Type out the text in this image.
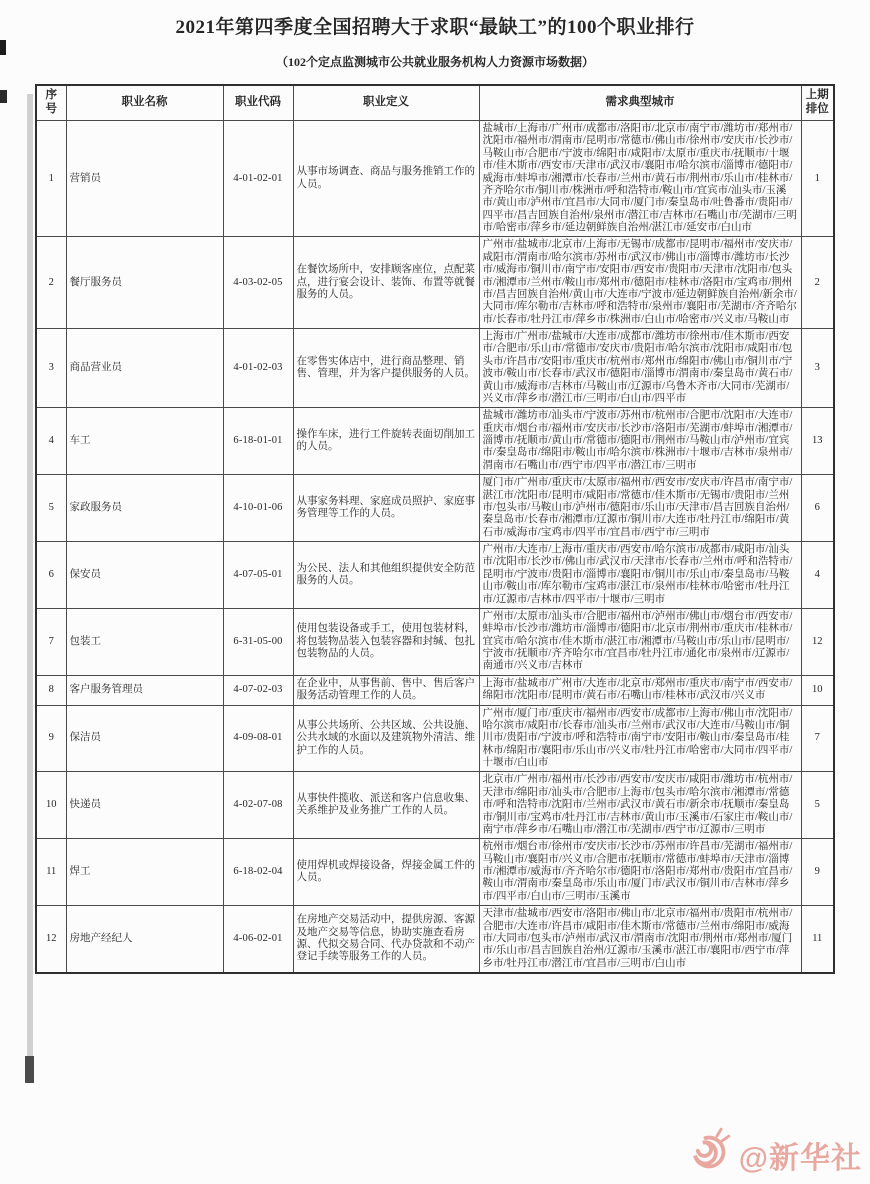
2021年第四季度全国招聘大于求职“最缺工”的100个职业排行
（102个定点监测城市公共就业服务机构人力资源市场数据）
序号	职业名称	职业代码	职业定义	需求典型城市	上期排位
1	营销员	4-01-02-01	从事市场调查、商品与服务推销工作的人员。	盐城市/上海市/广州市/成都市/洛阳市/北京市/南宁市/潍坊市/郑州市/沈阳市/福州市/渭南市/昆明市/常德市/佛山市/徐州市/安庆市/长沙市/马鞍山市/合肥市/宁波市/绵阳市/咸阳市/太原市/重庆市/抚顺市/十堰市/佳木斯市/西安市/天津市/武汉市/襄阳市/哈尔滨市/淄博市/德阳市/威海市/蚌埠市/湘潭市/长春市/兰州市/黄石市/荆州市/乐山市/桂林市/齐齐哈尔市/铜川市/株洲市/呼和浩特市/鞍山市/宜宾市/汕头市/玉溪市/黄山市/泸州市/宜昌市/大同市/厦门市/秦皇岛市/吐鲁番市/贵阳市/四平市/昌吉回族自治州/泉州市/潜江市/吉林市/石嘴山市/芜湖市/三明市/哈密市/萍乡市/延边朝鲜族自治州/湛江市/延安市/白山市	1
2	餐厅服务员	4-03-02-05	在餐饮场所中，安排顾客座位，点配菜点，进行宴会设计、装饰、布置等就餐服务的人员。	广州市/盐城市/北京市/上海市/无锡市/成都市/昆明市/福州市/安庆市/咸阳市/渭南市/哈尔滨市/苏州市/武汉市/佛山市/淄博市/潍坊市/长沙市/威海市/铜川市/南宁市/安阳市/西安市/贵阳市/天津市/沈阳市/包头市/湘潭市/兰州市/鞍山市/郑州市/德阳市/桂林市/洛阳市/宝鸡市/荆州市/昌吉回族自治州/黄山市/大连市/宁波市/延边朝鲜族自治州/新余市/大同市/库尔勒市/吉林市/呼和浩特市/泉州市/襄阳市/芜湖市/齐齐哈尔市/长春市/牡丹江市/萍乡市/株洲市/白山市/哈密市/兴义市/马鞍山市	2
3	商品营业员	4-01-02-03	在零售实体店中，进行商品整理、销售、管理，并为客户提供服务的人员。	上海市/广州市/盐城市/大连市/成都市/潍坊市/徐州市/佳木斯市/西安市/合肥市/乐山市/常德市/安庆市/贵阳市/哈尔滨市/沈阳市/咸阳市/包头市/许昌市/安阳市/重庆市/杭州市/郑州市/绵阳市/佛山市/铜川市/宁波市/鞍山市/长春市/武汉市/德阳市/淄博市/渭南市/秦皇岛市/黄石市/黄山市/威海市/吉林市/马鞍山市/辽源市/乌鲁木齐市/大同市/芜湖市/兴义市/萍乡市/潜江市/三明市/白山市/四平市	3
4	车工	6-18-01-01	操作车床，进行工件旋转表面切削加工的人员。	盐城市/潍坊市/汕头市/宁波市/苏州市/杭州市/合肥市/沈阳市/大连市/重庆市/烟台市/福州市/安庆市/长沙市/洛阳市/芜湖市/蚌埠市/湘潭市/淄博市/抚顺市/黄山市/常德市/德阳市/荆州市/马鞍山市/泸州市/宜宾市/秦皇岛市/绵阳市/鞍山市/哈尔滨市/株洲市/十堰市/吉林市/泉州市/渭南市/石嘴山市/西宁市/四平市/潜江市/三明市	13
5	家政服务员	4-10-01-06	从事家务料理、家庭成员照护、家庭事务管理等工作的人员。	厦门市/广州市/重庆市/太原市/福州市/西安市/安庆市/许昌市/南宁市/湛江市/沈阳市/昆明市/咸阳市/常德市/佳木斯市/无锡市/贵阳市/兰州市/包头市/马鞍山市/泸州市/德阳市/乐山市/天津市/昌吉回族自治州/秦皇岛市/长春市/湘潭市/辽源市/铜川市/大连市/牡丹江市/绵阳市/黄石市/威海市/宝鸡市/四平市/宜昌市/西宁市/三明市	6
6	保安员	4-07-05-01	为公民、法人和其他组织提供安全防范服务的人员。	广州市/大连市/上海市/重庆市/西安市/哈尔滨市/成都市/咸阳市/汕头市/沈阳市/长沙市/佛山市/武汉市/天津市/长春市/兰州市/呼和浩特市/昆明市/宁波市/贵阳市/淄博市/襄阳市/铜川市/乐山市/秦皇岛市/马鞍山市/鞍山市/库尔勒市/宝鸡市/湛江市/泉州市/桂林市/哈密市/牡丹江市/辽源市/吉林市/四平市/十堰市/三明市	4
7	包装工	6-31-05-00	使用包装设备或手工，使用包装材料，将包装物品装入包装容器和封缄、包扎包装物品的人员。	广州市/太原市/汕头市/合肥市/福州市/泸州市/佛山市/烟台市/西安市/蚌埠市/长沙市/潍坊市/淄博市/德阳市/北京市/荆州市/重庆市/桂林市/宜宾市/哈尔滨市/佳木斯市/湛江市/湘潭市/马鞍山市/乐山市/昆明市/宁波市/抚顺市/齐齐哈尔市/宜昌市/牡丹江市/通化市/泉州市/辽源市/南通市/兴义市/吉林市	12
8	客户服务管理员	4-07-02-03	在企业中，从事售前、售中、售后客户服务活动管理工作的人员。	上海市/盐城市/广州市/大连市/北京市/郑州市/重庆市/南宁市/西安市/绵阳市/沈阳市/昆明市/黄石市/石嘴山市/桂林市/武汉市/兴义市	10
9	保洁员	4-09-08-01	从事公共场所、公共区域、公共设施、公共水域的水面以及建筑物外清洁、维护工作的人员。	广州市/厦门市/重庆市/福州市/西安市/成都市/上海市/佛山市/沈阳市/哈尔滨市/咸阳市/长春市/汕头市/兰州市/武汉市/大连市/马鞍山市/铜川市/贵阳市/宁波市/呼和浩特市/南宁市/安阳市/鞍山市/秦皇岛市/桂林市/绵阳市/襄阳市/乐山市/兴义市/牡丹江市/哈密市/大同市/四平市/十堰市/白山市	7
10	快递员	4-02-07-08	从事快件揽收、派送和客户信息收集、关系维护及业务推广工作的人员。	北京市/广州市/福州市/长沙市/西安市/安庆市/咸阳市/潍坊市/杭州市/天津市/绵阳市/汕头市/合肥市/上海市/包头市/哈尔滨市/湘潭市/常德市/呼和浩特市/沈阳市/兰州市/武汉市/黄石市/新余市/抚顺市/秦皇岛市/铜川市/宝鸡市/牡丹江市/吉林市/黄山市/玉溪市/石家庄市/鞍山市/南宁市/萍乡市/石嘴山市/潜江市/芜湖市/西宁市/辽源市/三明市	5
11	焊工	6-18-02-04	使用焊机或焊接设备，焊接金属工件的人员。	杭州市/烟台市/徐州市/安庆市/长沙市/苏州市/许昌市/芜湖市/福州市/马鞍山市/襄阳市/兴义市/合肥市/抚顺市/常德市/蚌埠市/天津市/淄博市/湘潭市/威海市/齐齐哈尔市/德阳市/洛阳市/郑州市/贵阳市/宜昌市/鞍山市/渭南市/秦皇岛市/乐山市/厦门市/武汉市/铜川市/吉林市/萍乡市/四平市/白山市/三明市/玉溪市	9
12	房地产经纪人	4-06-02-01	在房地产交易活动中，提供房源、客源及地产交易等信息，协助实施查看房源、代拟交易合同、代办贷款和不动产登记手续等服务工作的人员。	天津市/盐城市/西安市/洛阳市/佛山市/北京市/福州市/贵阳市/杭州市/合肥市/大连市/许昌市/咸阳市/佳木斯市/常德市/兰州市/绵阳市/威海市/大同市/包头市/泸州市/武汉市/渭南市/沈阳市/荆州市/郑州市/厦门市/乐山市/昌吉回族自治州/辽源市/玉溪市/湛江市/襄阳市/西宁市/萍乡市/牡丹江市/潜江市/宜昌市/三明市/白山市	11
@新华社
